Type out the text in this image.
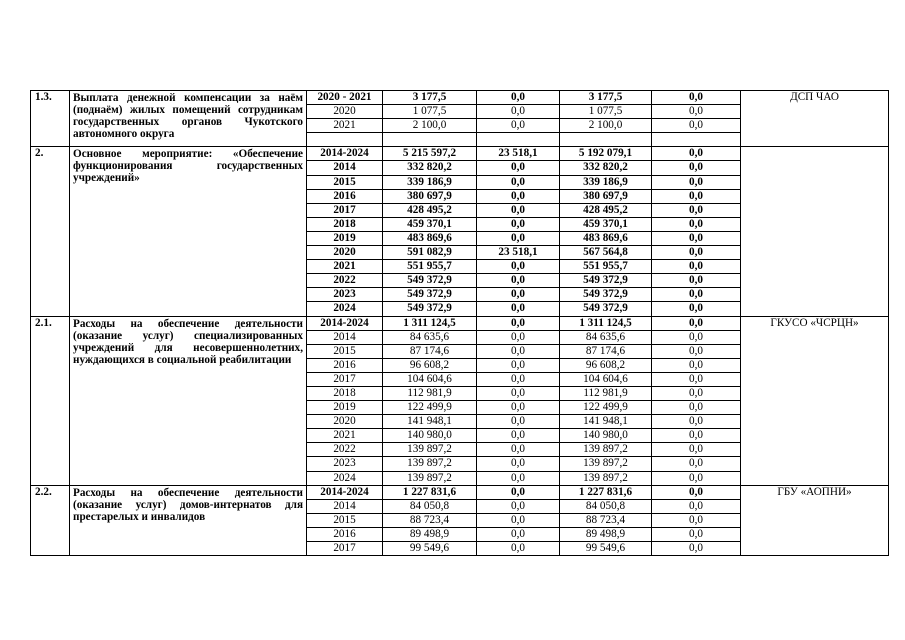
1.3.	Выплата денежной компенсации за наём (поднаём) жилых помещений сотрудникам государственных органов Чукотского автономного округа	2020 - 2021	3 177,5	0,0	3 177,5	0,0	ДСП ЧАО
		2020	1 077,5	0,0	1 077,5	0,0	
		2021	2 100,0	0,0	2 100,0	0,0	

2.	Основное мероприятие: «Обеспечение функционирования государственных учреждений»	2014-2024	5 215 597,2	23 518,1	5 192 079,1	0,0	
		2014	332 820,2	0,0	332 820,2	0,0	
		2015	339 186,9	0,0	339 186,9	0,0	
		2016	380 697,9	0,0	380 697,9	0,0	
		2017	428 495,2	0,0	428 495,2	0,0	
		2018	459 370,1	0,0	459 370,1	0,0	
		2019	483 869,6	0,0	483 869,6	0,0	
		2020	591 082,9	23 518,1	567 564,8	0,0	
		2021	551 955,7	0,0	551 955,7	0,0	
		2022	549 372,9	0,0	549 372,9	0,0	
		2023	549 372,9	0,0	549 372,9	0,0	
		2024	549 372,9	0,0	549 372,9	0,0	
2.1.	Расходы на обеспечение деятельности (оказание услуг) специализированных учреждений для несовершеннолетних, нуждающихся в социальной реабилитации	2014-2024	1 311 124,5	0,0	1 311 124,5	0,0	ГКУСО «ЧСРЦН»
		2014	84 635,6	0,0	84 635,6	0,0	
		2015	87 174,6	0,0	87 174,6	0,0	
		2016	96 608,2	0,0	96 608,2	0,0	
		2017	104 604,6	0,0	104 604,6	0,0	
		2018	112 981,9	0,0	112 981,9	0,0	
		2019	122 499,9	0,0	122 499,9	0,0	
		2020	141 948,1	0,0	141 948,1	0,0	
		2021	140 980,0	0,0	140 980,0	0,0	
		2022	139 897,2	0,0	139 897,2	0,0	
		2023	139 897,2	0,0	139 897,2	0,0	
		2024	139 897,2	0,0	139 897,2	0,0	
2.2.	Расходы на обеспечение деятельности (оказание услуг) домов-интернатов для престарелых и инвалидов	2014-2024	1 227 831,6	0,0	1 227 831,6	0,0	ГБУ «АОПНИ»
		2014	84 050,8	0,0	84 050,8	0,0	
		2015	88 723,4	0,0	88 723,4	0,0	
		2016	89 498,9	0,0	89 498,9	0,0	
		2017	99 549,6	0,0	99 549,6	0,0	
